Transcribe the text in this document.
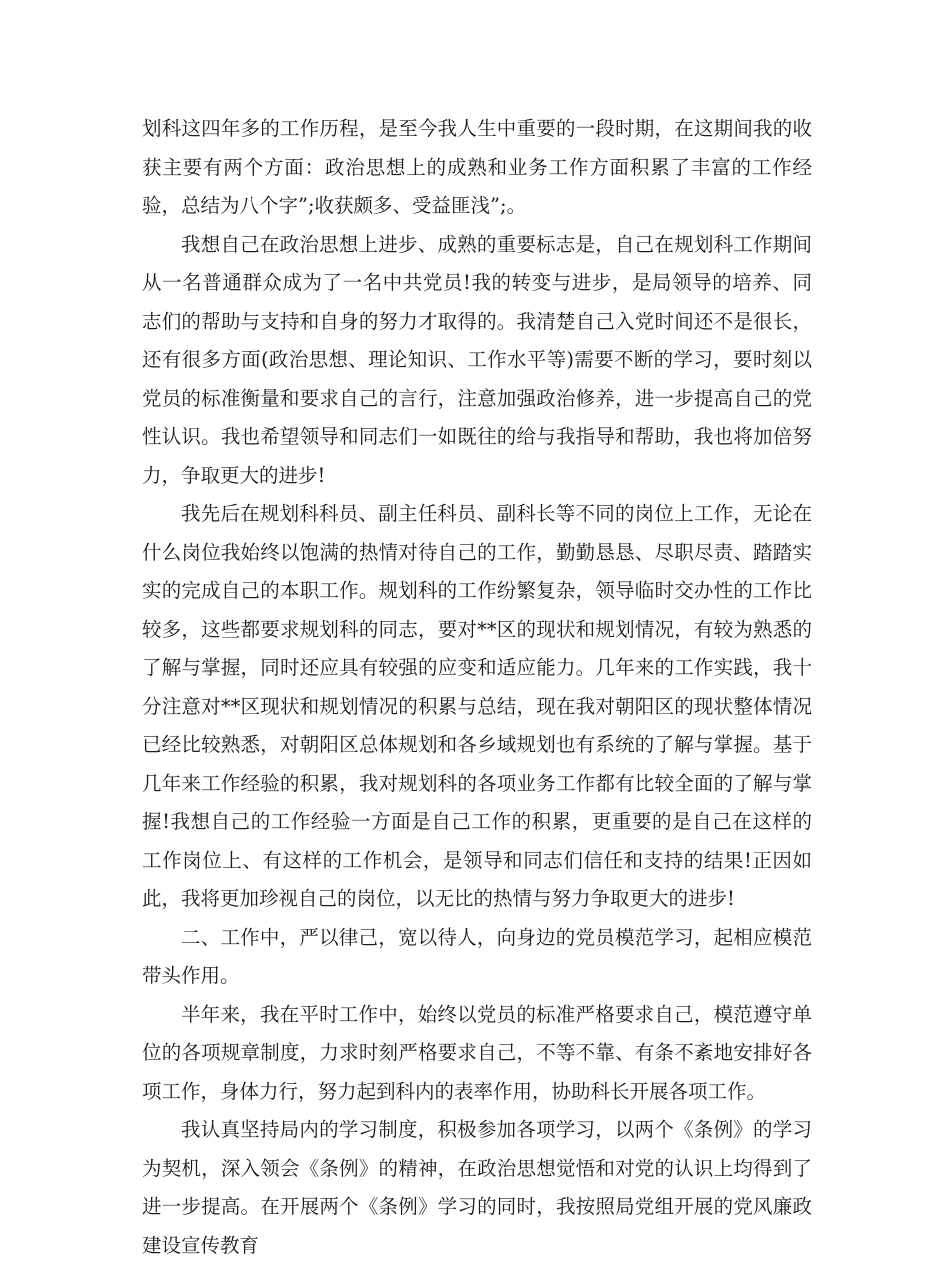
划科这四年多的工作历程，是至今我人生中重要的一段时期，在这期间我的收获主要有两个方面：政治思想上的成熟和业务工作方面积累了丰富的工作经验，总结为八个字”;收获颇多、受益匪浅”;。

我想自己在政治思想上进步、成熟的重要标志是，自己在规划科工作期间从一名普通群众成为了一名中共党员!我的转变与进步，是局领导的培养、同志们的帮助与支持和自身的努力才取得的。我清楚自己入党时间还不是很长，还有很多方面(政治思想、理论知识、工作水平等)需要不断的学习，要时刻以党员的标准衡量和要求自己的言行，注意加强政治修养，进一步提高自己的党性认识。我也希望领导和同志们一如既往的给与我指导和帮助，我也将加倍努力，争取更大的进步!

我先后在规划科科员、副主任科员、副科长等不同的岗位上工作，无论在什么岗位我始终以饱满的热情对待自己的工作，勤勤恳恳、尽职尽责、踏踏实实的完成自己的本职工作。规划科的工作纷繁复杂，领导临时交办性的工作比较多，这些都要求规划科的同志，要对**区的现状和规划情况，有较为熟悉的了解与掌握，同时还应具有较强的应变和适应能力。几年来的工作实践，我十分注意对**区现状和规划情况的积累与总结，现在我对朝阳区的现状整体情况已经比较熟悉，对朝阳区总体规划和各乡域规划也有系统的了解与掌握。基于几年来工作经验的积累，我对规划科的各项业务工作都有比较全面的了解与掌握!我想自己的工作经验一方面是自己工作的积累，更重要的是自己在这样的工作岗位上、有这样的工作机会，是领导和同志们信任和支持的结果!正因如此，我将更加珍视自己的岗位，以无比的热情与努力争取更大的进步!

二、工作中，严以律己，宽以待人，向身边的党员模范学习，起相应模范带头作用。

半年来，我在平时工作中，始终以党员的标准严格要求自己，模范遵守单位的各项规章制度，力求时刻严格要求自己，不等不靠、有条不紊地安排好各项工作，身体力行，努力起到科内的表率作用，协助科长开展各项工作。

我认真坚持局内的学习制度，积极参加各项学习，以两个《条例》的学习为契机，深入领会《条例》的精神，在政治思想觉悟和对党的认识上均得到了进一步提高。在开展两个《条例》学习的同时，我按照局党组开展的党风廉政建设宣传教育
